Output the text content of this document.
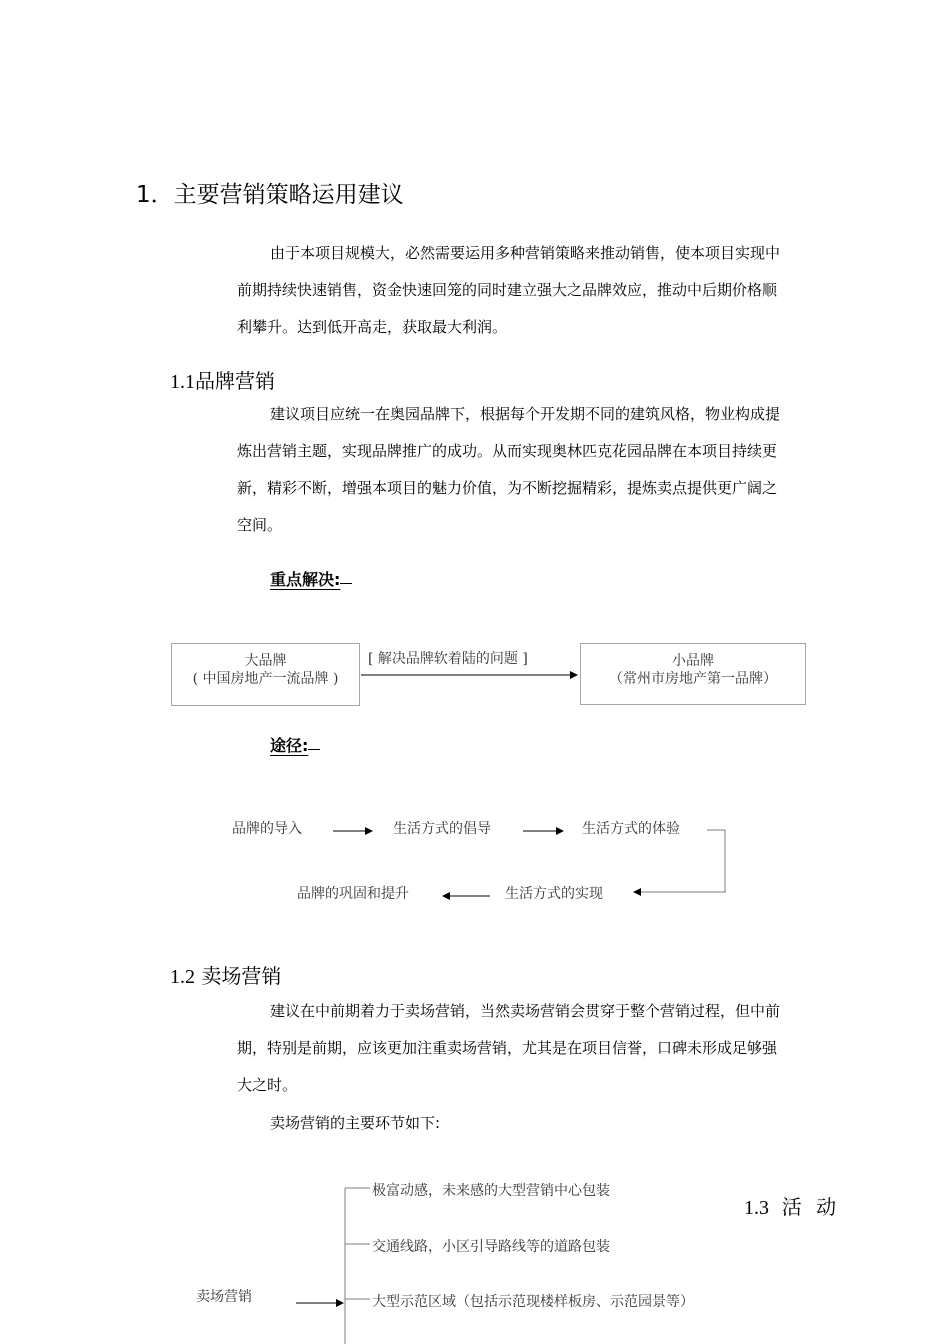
1．主要营销策略运用建议
由于本项目规模大，必然需要运用多种营销策略来推动销售，使本项目实现中
前期持续快速销售，资金快速回笼的同时建立强大之品牌效应，推动中后期价格顺
利攀升。达到低开高走，获取最大利润。
1.1品牌营销
建议项目应统一在奥园品牌下，根据每个开发期不同的建筑风格，物业构成提
炼出营销主题，实现品牌推广的成功。从而实现奥林匹克花园品牌在本项目持续更
新，精彩不断，增强本项目的魅力价值，为不断挖掘精彩，提炼卖点提供更广阔之
空间。
重点解决:
大品牌
( 中国房地产一流品牌 )
[ 解决品牌软着陆的问题 ]	小品牌
（常州市房地产第一品牌）
途径:
品牌的导入	生活方式的倡导	生活方式的体验
生活方式的实现
品牌的巩固和提升
1.2 卖场营销
建议在中前期着力于卖场营销，当然卖场营销会贯穿于整个营销过程，但中前
期，特别是前期，应该更加注重卖场营销，尤其是在项目信誉，口碑未形成足够强
大之时。
卖场营销的主要环节如下:
卖场营销
极富动感，未来感的大型营销中心包装
交通线路，小区引导路线等的道路包装
大型示范区域（包括示范现楼样板房、示范园景等）
1.3 活 动
